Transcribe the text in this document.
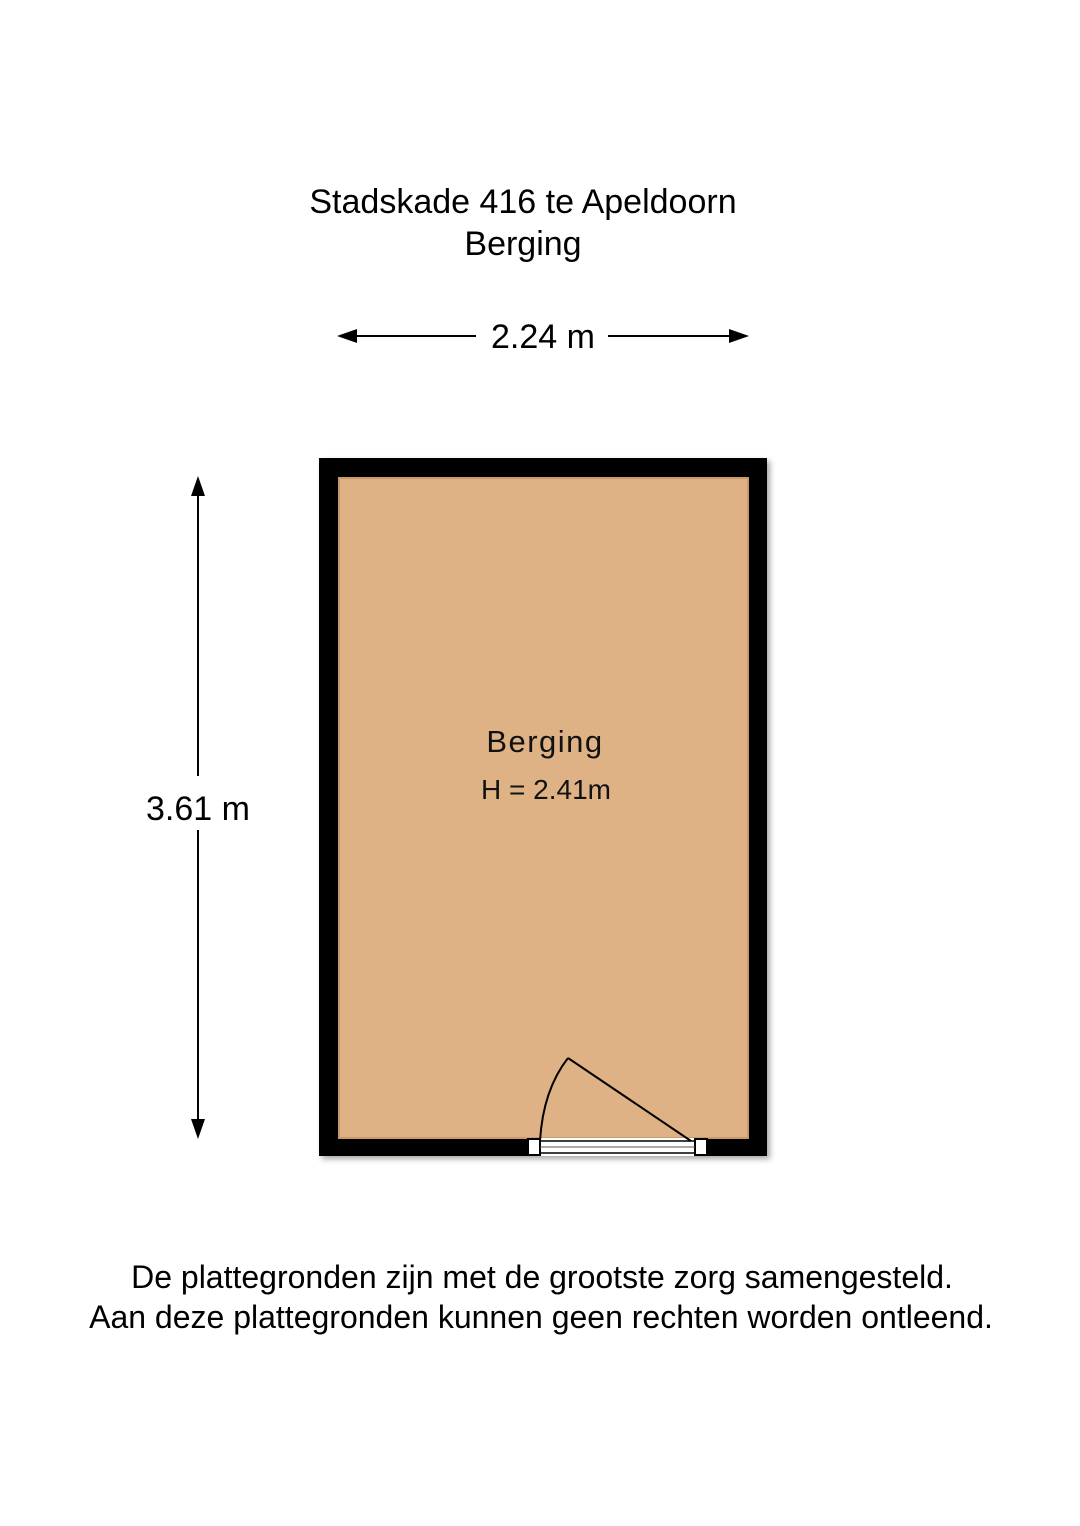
Stadskade 416 te Apeldoorn
Berging
2.24 m
3.61 m
Berging
H = 2.41m
De plattegronden zijn met de grootste zorg samengesteld.
Aan deze plattegronden kunnen geen rechten worden ontleend.
